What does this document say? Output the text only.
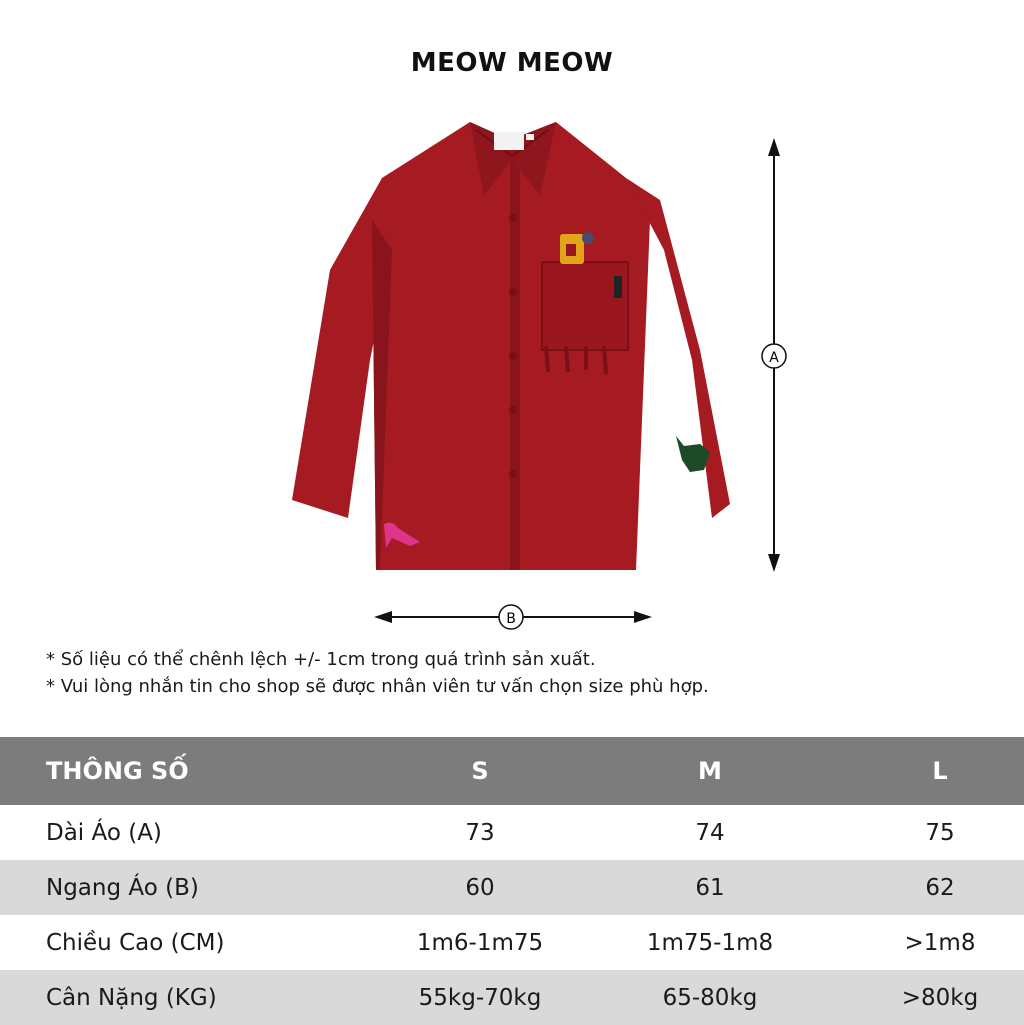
MEOW MEOW
A
B
* Số liệu có thể chênh lệch +/- 1cm trong quá trình sản xuất.
* Vui lòng nhắn tin cho shop sẽ được nhân viên tư vấn chọn size phù hợp.
THÔNG SỐ	S	M	L
Dài Áo (A)	73	74	75
Ngang Áo (B)	60	61	62
Chiều Cao (CM)	1m6-1m75	1m75-1m8	>1m8
Cân Nặng (KG)	55kg-70kg	65-80kg	>80kg
